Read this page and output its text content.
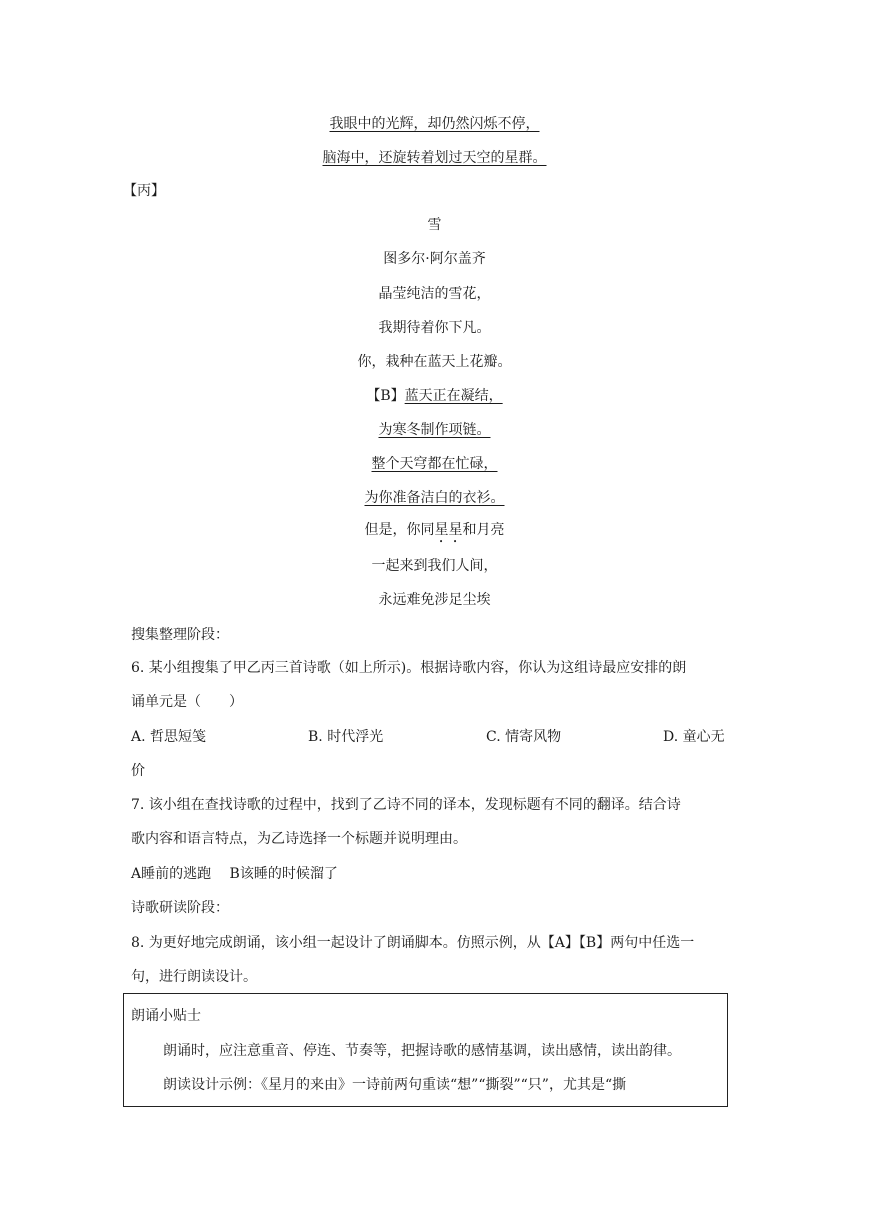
我眼中的光辉，却仍然闪烁不停，
脑海中，还旋转着划过天空的星群。
【丙】
雪
图多尔·阿尔盖齐
晶莹纯洁的雪花，
我期待着你下凡。
你，栽种在蓝天上花瓣。
【B】蓝天正在凝结，
为寒冬制作项链。
整个天穹都在忙碌，
为你准备洁白的衣衫。
但是，你同星星和月亮
一起来到我们人间，
永远难免涉足尘埃
搜集整理阶段：
6. 某小组搜集了甲乙丙三首诗歌（如上所示)。根据诗歌内容，你认为这组诗最应安排的朗
诵单元是（　　）
A. 哲思短笺	B. 时代浮光	C. 情寄风物	D. 童心无
价
7. 该小组在查找诗歌的过程中，找到了乙诗不同的译本，发现标题有不同的翻译。结合诗
歌内容和语言特点，为乙诗选择一个标题并说明理由。
A睡前的逃跑　 B该睡的时候溜了
诗歌研读阶段：
8. 为更好地完成朗诵，该小组一起设计了朗诵脚本。仿照示例，从【A】【B】两句中任选一
句，进行朗读设计。
朗诵小贴士
朗诵时，应注意重音、停连、节奏等，把握诗歌的感情基调，读出感情，读出韵律。
朗读设计示例：《星月的来由》一诗前两句重读“想”“撕裂”“只”，尤其是“撕
